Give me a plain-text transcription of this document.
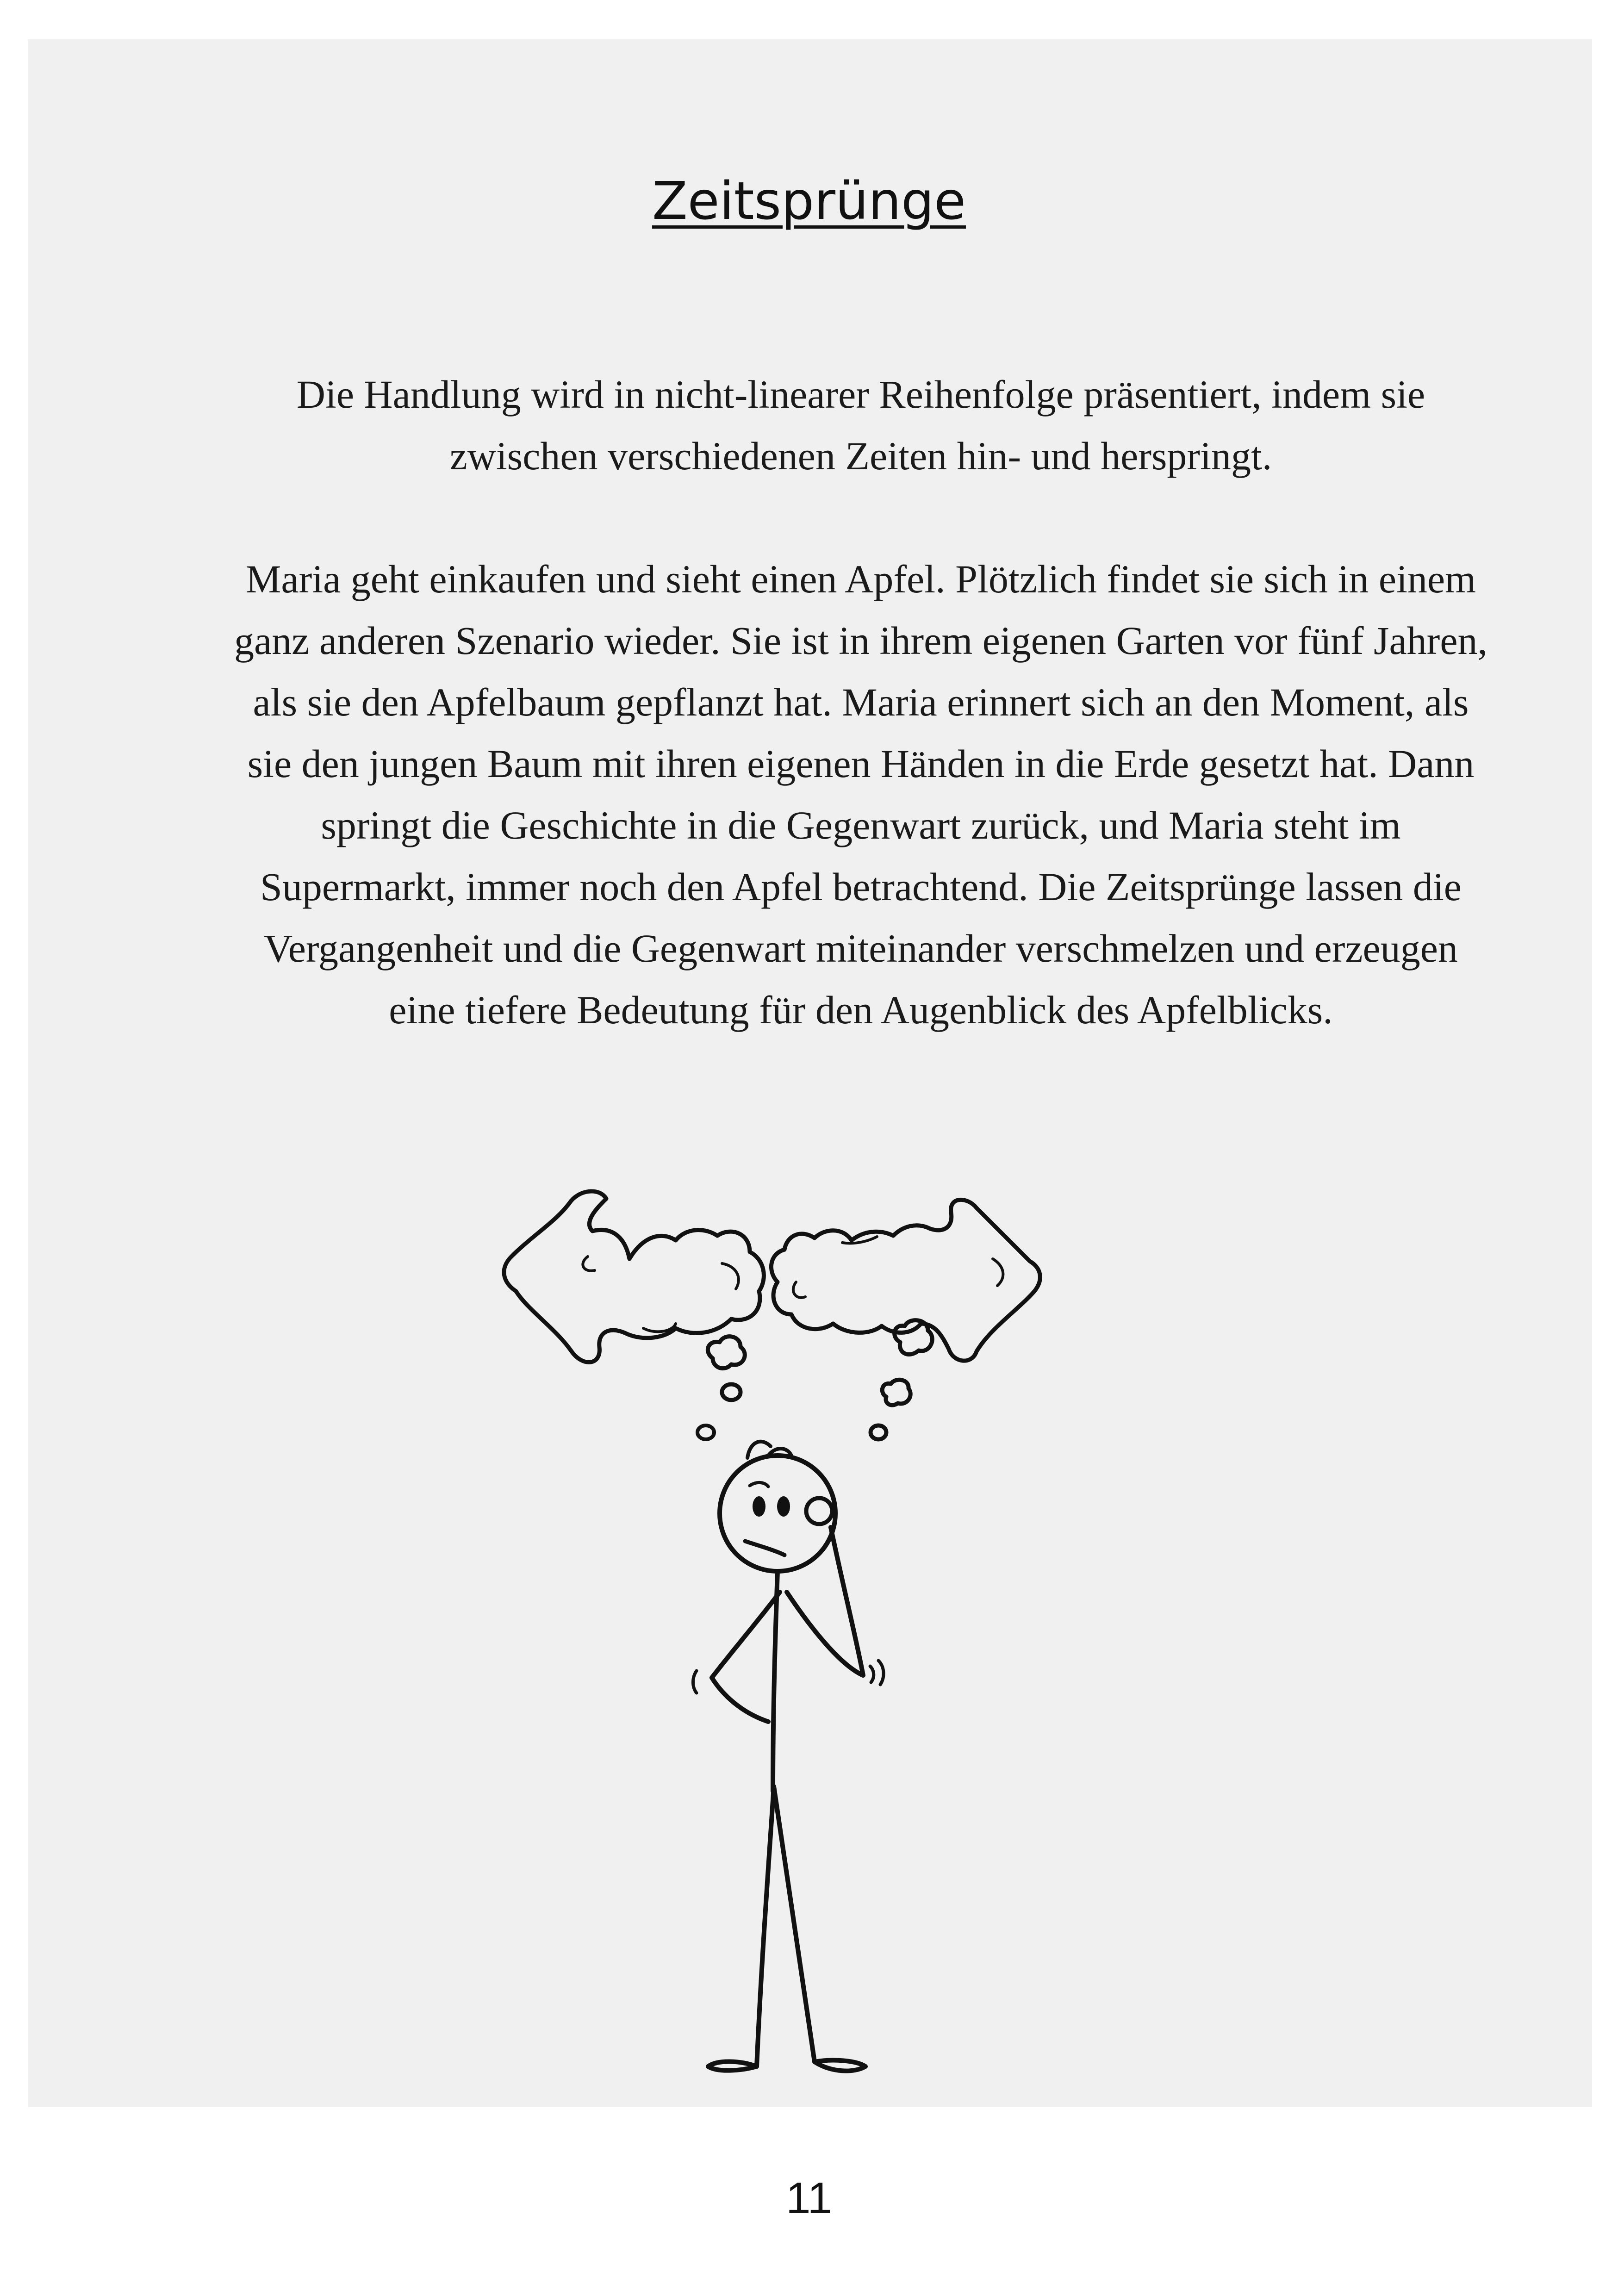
Zeitsprünge

Die Handlung wird in nicht-linearer Reihenfolge präsentiert, indem sie zwischen verschiedenen Zeiten hin- und herspringt.

Maria geht einkaufen und sieht einen Apfel. Plötzlich findet sie sich in einem ganz anderen Szenario wieder. Sie ist in ihrem eigenen Garten vor fünf Jahren, als sie den Apfelbaum gepflanzt hat. Maria erinnert sich an den Moment, als sie den jungen Baum mit ihren eigenen Händen in die Erde gesetzt hat. Dann springt die Geschichte in die Gegenwart zurück, und Maria steht im Supermarkt, immer noch den Apfel betrachtend. Die Zeitsprünge lassen die Vergangenheit und die Gegenwart miteinander verschmelzen und erzeugen eine tiefere Bedeutung für den Augenblick des Apfelblicks.

11
